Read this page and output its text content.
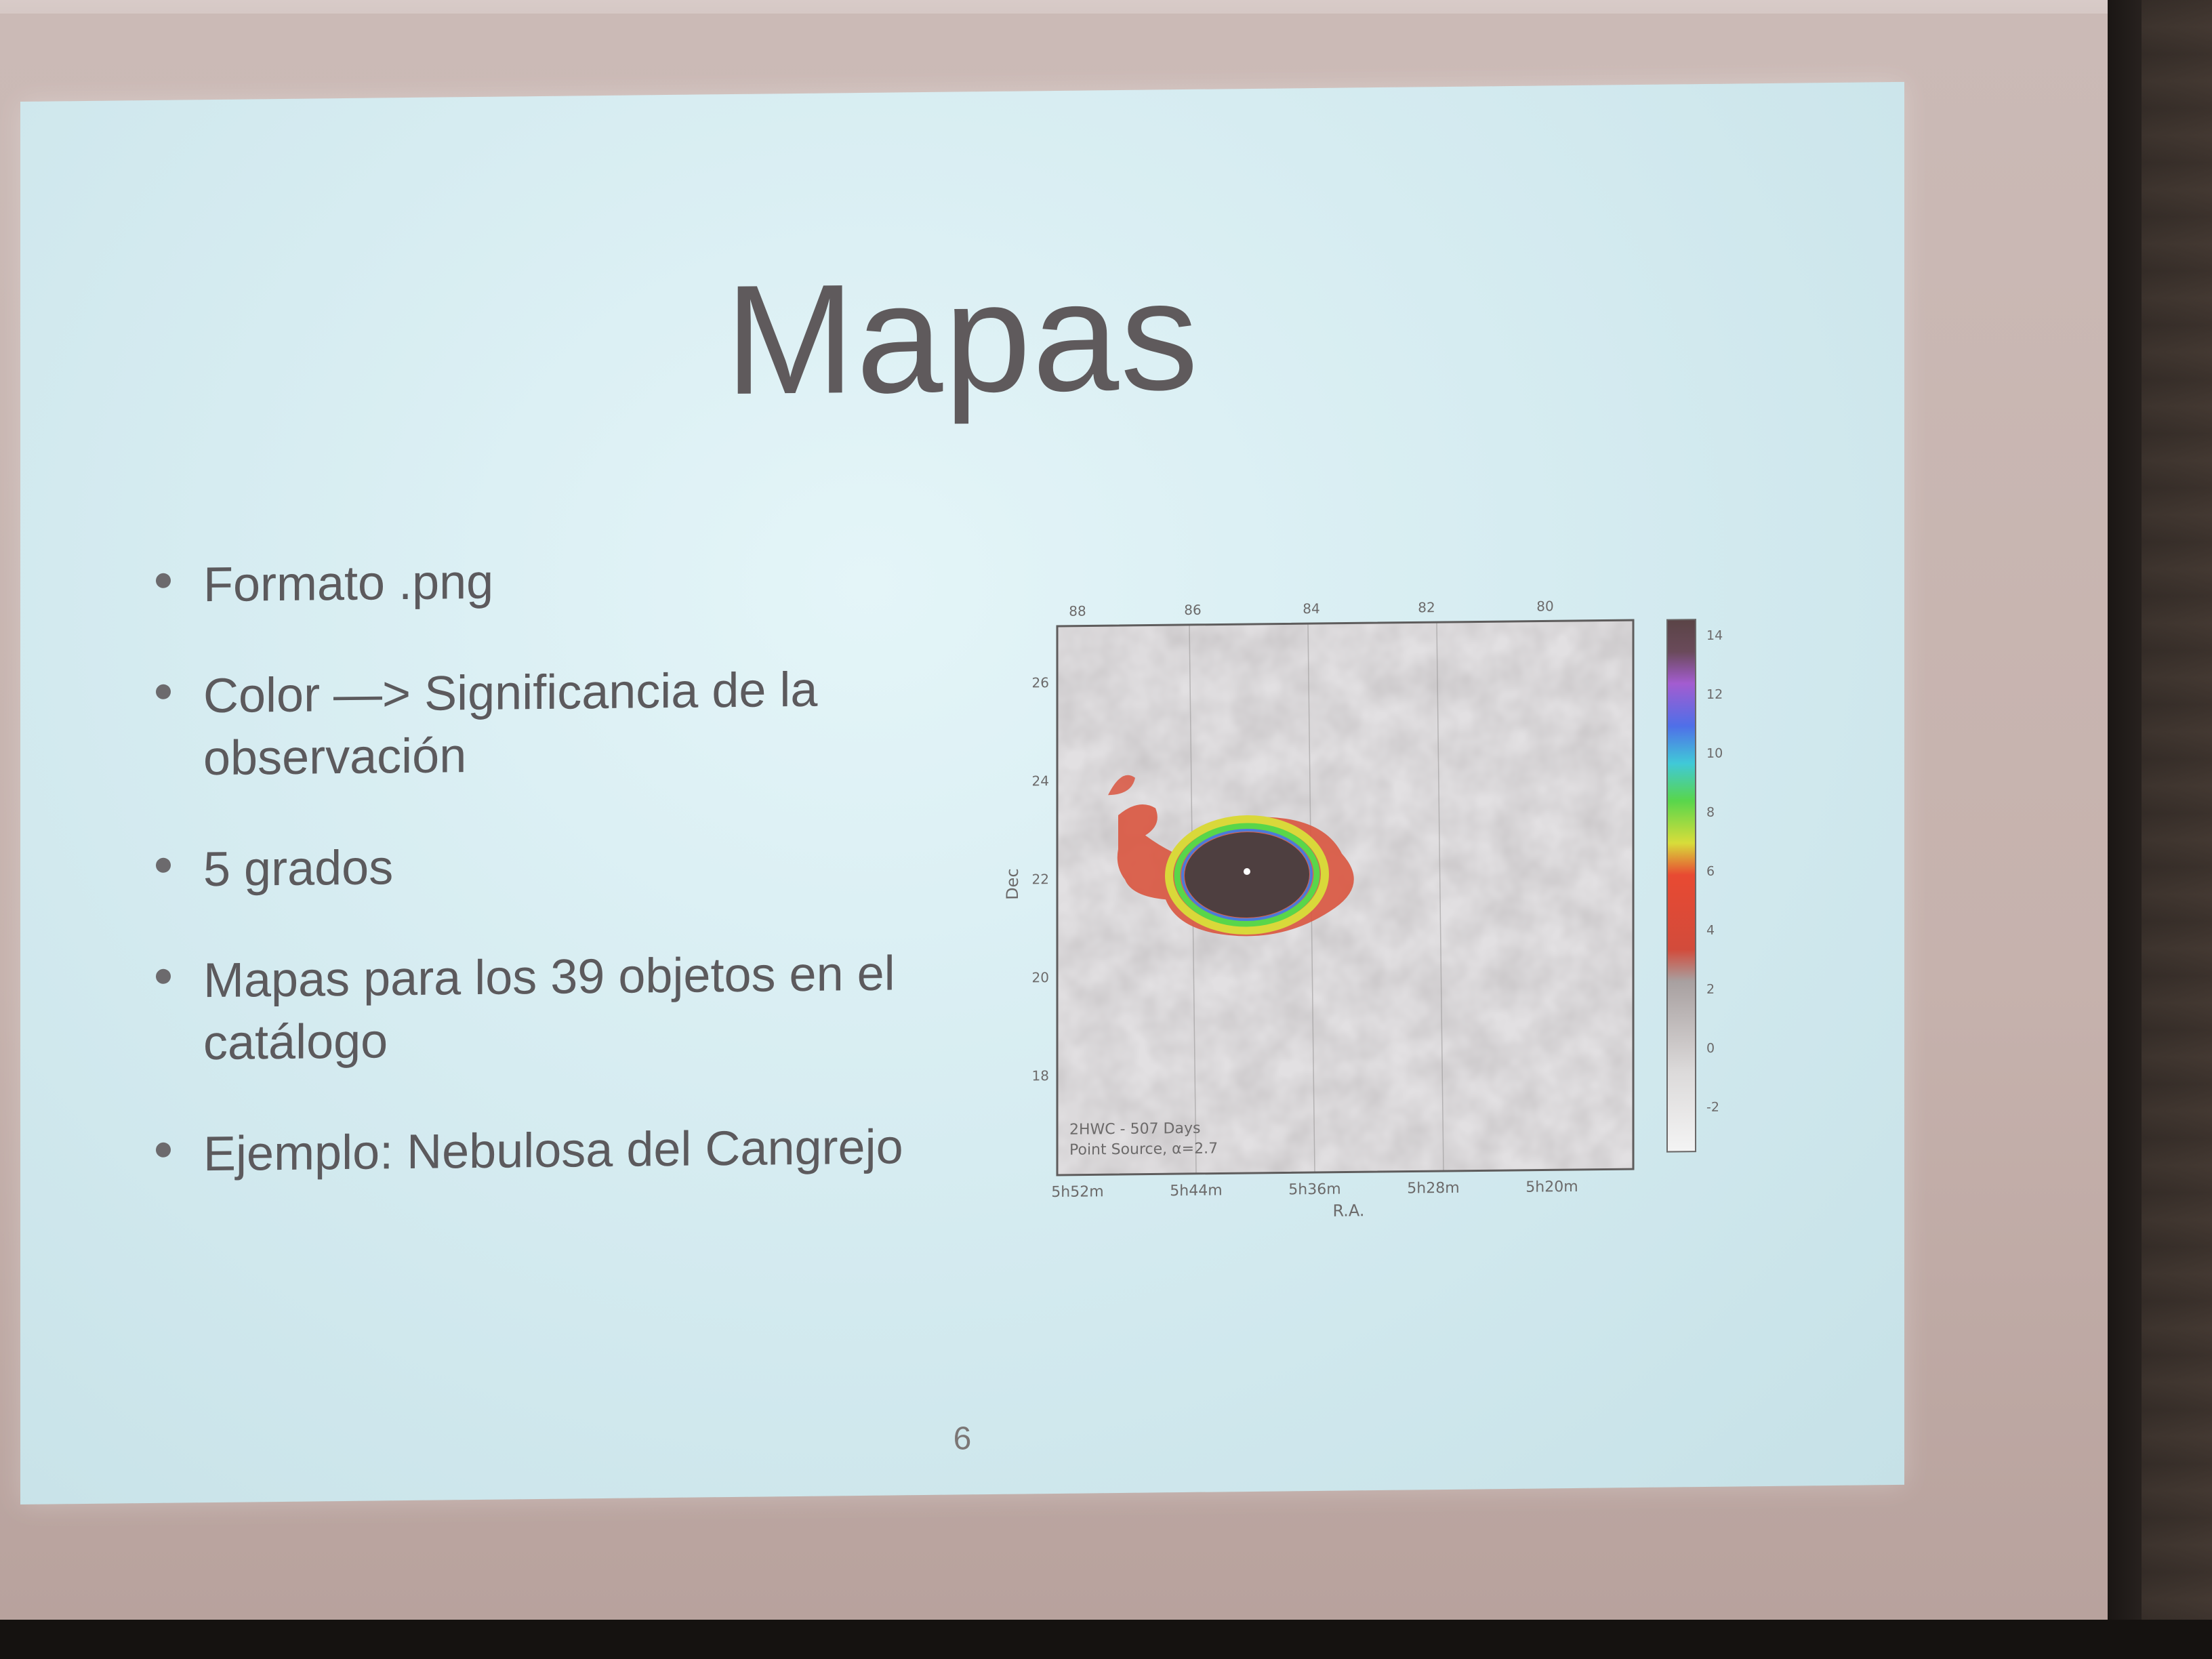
Mapas
Formato .png
Color —> Significancia de la observación
5 grados
Mapas para los 39 objetos en el catálogo
Ejemplo: Nebulosa del Cangrejo
88	86	84	82	80
26
24
22
20
18
Dec
5h52m	5h44m	5h36m	5h28m	5h20m
R.A.
2HWC - 507 Days
Point Source, α=2.7
14
12
10
8
6
4
2
0
-2
6
